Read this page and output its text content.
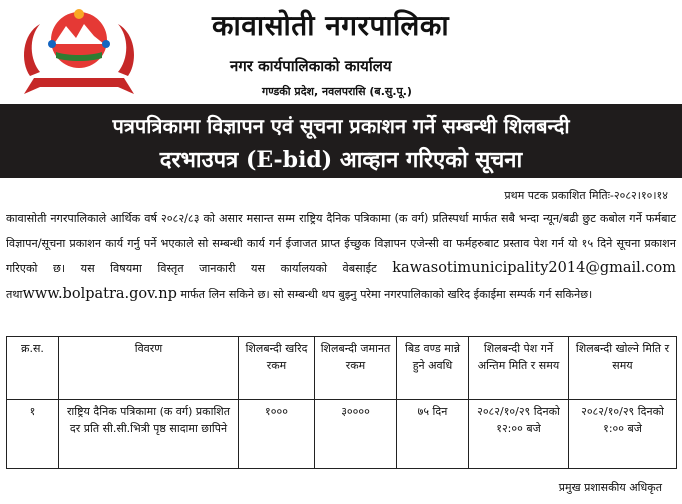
कावासोती नगरपालिका
नगर कार्यपालिकाको कार्यालय
गण्डकी प्रदेश, नवलपरासि (ब.सु.पू.)
पत्रपत्रिकामा विज्ञापन एवं सूचना प्रकाशन गर्ने सम्बन्धी शिलबन्दी
दरभाउपत्र (E-bid) आव्हान गरिएको सूचना
प्रथम पटक प्रकाशित मितिः-२०८२।१०।१४
कावासोती नगरपालिकाले आर्थिक वर्ष २०८२/८३ को असार मसान्त सम्म राष्ट्रिय दैनिक पत्रिकामा (क वर्ग) प्रतिस्पर्धा मार्फत सबै भन्दा न्यून/बढी छुट कबोल गर्ने फर्मबाट विज्ञापन/सूचना प्रकाशन कार्य गर्नु पर्ने भएकाले सो सम्बन्धी कार्य गर्न ईजाजत प्राप्त ईच्छुक विज्ञापन एजेन्सी वा फर्महरुबाट प्रस्ताव पेश गर्न यो १५ दिने सूचना प्रकाशन गरिएको छ। यस विषयमा विस्तृत जानकारी यस कार्यालयको वेबसाईट kawasotimunicipality2014@gmail.com तथाwww.bolpatra.gov.np मार्फत लिन सकिने छ। सो सम्बन्धी थप बुझ्नु परेमा नगरपालिकाको खरिद ईकाईमा सम्पर्क गर्न सकिनेछ।
क्र.स.	विवरण	शिलबन्दी खरिद रकम	शिलबन्दी जमानत रकम	बिड वण्ड मान्ने हुने अवधि	शिलबन्दी पेश गर्ने अन्तिम मिति र समय	शिलबन्दी खोल्ने मिति र समय
१	राष्ट्रिय दैनिक पत्रिकामा (क वर्ग) प्रकाशित दर प्रति सी.सी.भित्री पृष्ठ सादामा छापिने	१०००	३००००	७५ दिन	२०८२/१०/२९ दिनको १२:०० बजे	२०८२/१०/२९ दिनको १:०० बजे
प्रमुख प्रशासकीय अधिकृत
